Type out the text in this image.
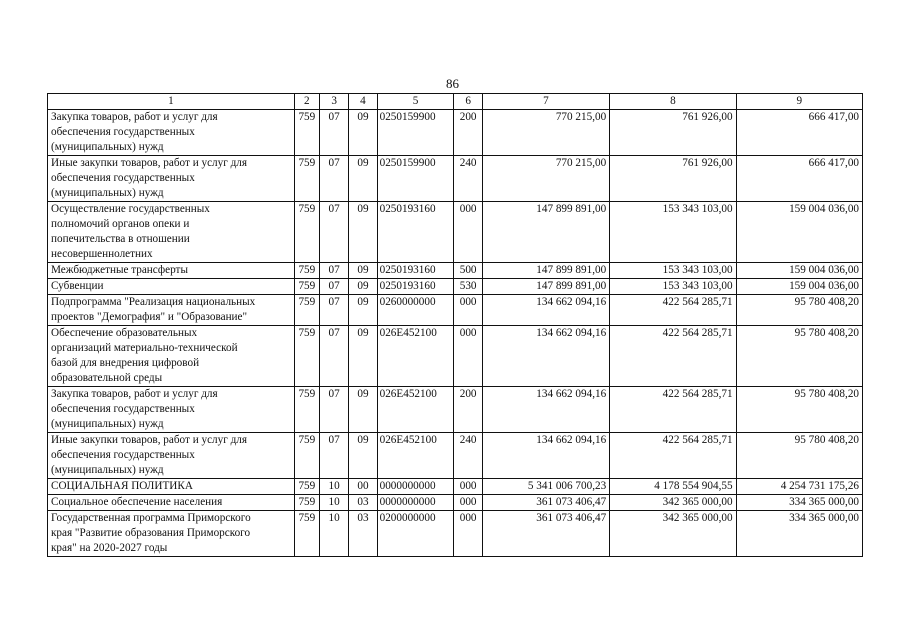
86
1	2	3	4	5	6	7	8	9

Закупка товаров, работ и услуг для
обеспечения государственных
(муниципальных) нужд	759	07	09	0250159900	200	770 215,00	761 926,00	666 417,00

Иные закупки товаров, работ и услуг для
обеспечения государственных
(муниципальных) нужд	759	07	09	0250159900	240	770 215,00	761 926,00	666 417,00

Осуществление государственных
полномочий органов опеки и
попечительства в отношении
несовершеннолетних	759	07	09	0250193160	000	147 899 891,00	153 343 103,00	159 004 036,00

Межбюджетные трансферты	759	07	09	0250193160	500	147 899 891,00	153 343 103,00	159 004 036,00

Субвенции	759	07	09	0250193160	530	147 899 891,00	153 343 103,00	159 004 036,00

Подпрограмма "Реализация национальных
проектов "Демография" и "Образование"	759	07	09	0260000000	000	134 662 094,16	422 564 285,71	95 780 408,20

Обеспечение образовательных
организаций материально-технической
базой для внедрения цифровой
образовательной среды	759	07	09	026E452100	000	134 662 094,16	422 564 285,71	95 780 408,20

Закупка товаров, работ и услуг для
обеспечения государственных
(муниципальных) нужд	759	07	09	026E452100	200	134 662 094,16	422 564 285,71	95 780 408,20

Иные закупки товаров, работ и услуг для
обеспечения государственных
(муниципальных) нужд	759	07	09	026E452100	240	134 662 094,16	422 564 285,71	95 780 408,20

СОЦИАЛЬНАЯ ПОЛИТИКА	759	10	00	0000000000	000	5 341 006 700,23	4 178 554 904,55	4 254 731 175,26

Социальное обеспечение населения	759	10	03	0000000000	000	361 073 406,47	342 365 000,00	334 365 000,00

Государственная программа Приморского
края "Развитие образования Приморского
края" на 2020-2027 годы	759	10	03	0200000000	000	361 073 406,47	342 365 000,00	334 365 000,00
